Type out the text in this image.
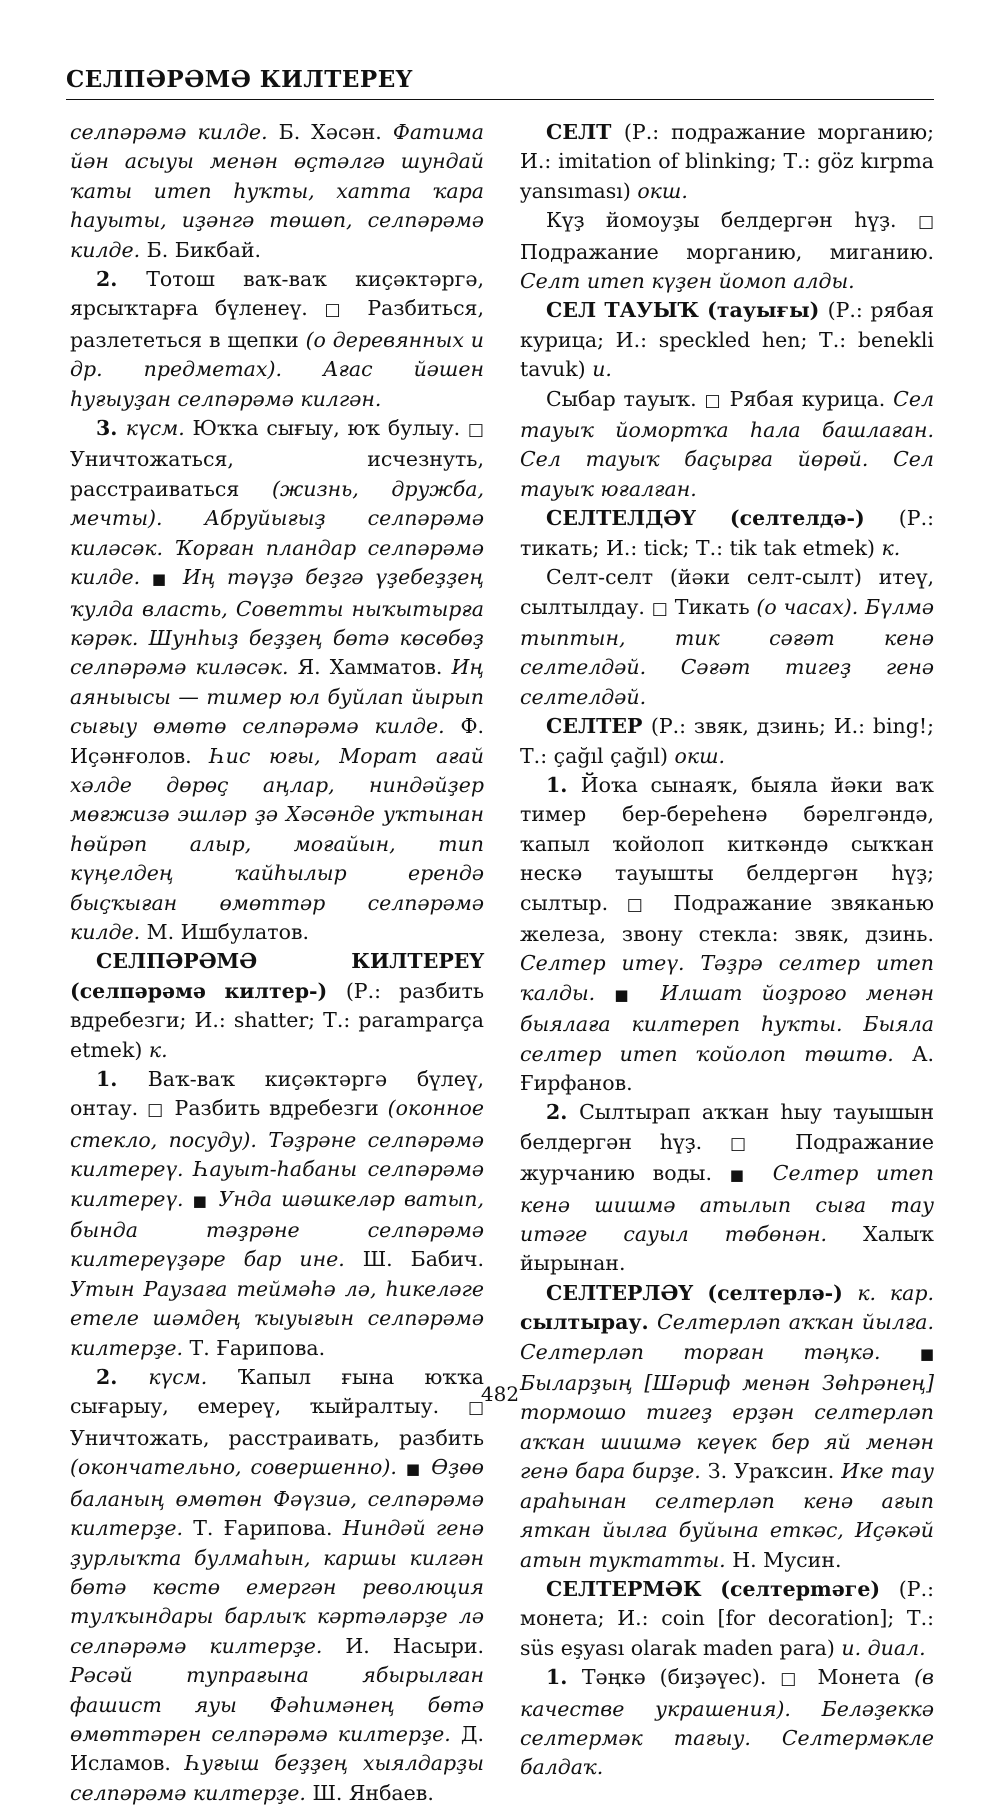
СЕЛПӘРӘМӘ КИЛТЕРЕҮ

селпәрәмә килде. Б. Хәсән. Фатима йән асыуы менән өҫтәлгә шундай ҡаты итеп һуҡты, хатта ҡара һауыты, иҙәнгә төшөп, селпәрәмә килде. Б. Бикбай.

2. Тотош ваҡ-ваҡ киҫәктәргә, ярсыҡтарға бүленеү. □ Разбиться, разлететься в щепки (о деревянных и др. предметах). Ағас йәшен һуғыуҙан селпәрәмә килгән.

3. күсм. Юҡҡа сығыу, юҡ булыу. □ Уничтожаться, исчезнуть, расстраиваться (жизнь, дружба, мечты). Абруйығыҙ селпәрәмә киләсәк. Ҡорған пландар селпәрәмә килде. ■ Иң тәүҙә беҙгә үҙебеҙҙең ҡулда власть, Советты ныҡытырға кәрәк. Шунһыҙ беҙҙең бөтә көсөбөҙ селпәрәмә киләсәк. Я. Хамматов. Иң аяныысы — тимер юл буйлап йырып сығыу өмөтө селпәрәмә килде. Ф. Иҫәнғолов. Һис юғы, Морат ағай хәлде дөрөҫ аңлар, ниндәйҙер мөғжизә эшләр ҙә Хәсәнде уҡтынан һөйрәп алыр, моғайын, тип күңелдең ҡайһылыр ерендә быҫҡыған өмөттәр селпәрәмә килде. М. Ишбулатов.

СЕЛПӘРӘМӘ КИЛТЕРЕҮ (селпәрәмә килтер-) (Р.: разбить вдребезги; И.: shatter; Т.: paramparça etmek) к.

1. Ваҡ-ваҡ киҫәктәргә бүлеү, онтау. □ Разбить вдребезги (оконное стекло, посуду). Тәҙрәне селпәрәмә килтереү. Һауыт-һабаны селпәрәмә килтереү. ■ Унда шәшкеләр ватып, бында тәҙрәне селпәрәмә килтереүҙәре бар ине. Ш. Бабич. Утын Раузаға теймәһә лә, һикеләге етеле шәмдең ҡыуығын селпәрәмә килтерҙе. Т. Ғарипова.

2. күсм. Ҡапыл ғына юҡҡа сығарыу, емереү, ҡыйралтыу. □ Уничтожать, расстраивать, разбить (окончательно, совершенно). ■ Өҙөө баланың өмөтөн Фәүзиә, селпәрәмә килтерҙе. Т. Ғарипова. Ниндәй генә ҙурлыҡта булмаһын, каршы килгән бөтә көстө емергән революция тулҡындары барлыҡ кәртәләрҙе лә селпәрәмә килтерҙе. И. Насыри. Рәсәй тупрағына ябырылған фашист яуы Фәһимәнең бөтә өмөттәрен селпәрәмә килтерҙе. Д. Исламов. Һуғыш беҙҙең хыялдарҙы селпәрәмә килтерҙе. Ш. Янбаев.

СЕЛТ (Р.: подражание морганию; И.: imitation of blinking; Т.: göz kırpma yansıması) окш.

Күҙ йомоуҙы белдергән һүҙ. □ Подражание морганию, миганию. Селт итеп күҙен йомоп алды.

СЕЛ ТАУЫҠ (тауығы) (Р.: рябая курица; И.: speckled hen; Т.: benekli tavuk) и.

Сыбар тауыҡ. □ Рябая курица. Сел тауыҡ йомортҡа һала башлаған. Сел тауыҡ баҫырға йөрөй. Сел тауыҡ юғалған.

СЕЛТЕЛДӘҮ (селтелдә-) (Р.: тикать; И.: tick; Т.: tik tak etmek) к.

Селт-селт (йәки селт-сылт) итеү, сылтылдау. □ Тикать (о часах). Бүлмә тыптын, тик сәғәт кенә селтелдәй. Сәғәт тигеҙ генә селтелдәй.

СЕЛТЕР (Р.: звяк, дзинь; И.: bing!; Т.: çağıl çağıl) окш.

1. Йоҡа сынаяҡ, быяла йәки ваҡ тимер бер-береһенә бәрелгәндә, ҡапыл ҡойолоп киткәндә сыҡҡан нескә тауышты белдергән һүҙ; сылтыр. □ Подражание звяканью железа, звону стекла: звяк, дзинь. Селтер итеү. Тәҙрә селтер итеп ҡалды. ■ Илшат йоҙроғо менән быялаға килтереп һуҡты. Быяла селтер итеп ҡойолоп төштө. А. Ғирфанов.

2. Сылтырап аҡҡан һыу тауышын белдергән һүҙ. □ Подражание журчанию воды. ■ Селтер итеп кенә шишмә атылып сыға тау итәге сауыл төбөнән. Халыҡ йырынан.

СЕЛТЕРЛӘҮ (селтерлә-) к. кар. сылтырау. Селтерләп аҡҡан йылға. Селтерләп торған тәңкә. ■ Быларҙың [Шәриф менән Зөһрәнең] тормошо тигеҙ ерҙән селтерләп аҡҡан шишмә кеүек бер яй менән генә бара бирҙе. З. Ураҡсин. Ике тау араһынан селтерләп кенә ағып яткан йылға буйына еткәс, Иҫәкәй атын туктатты. Н. Мусин.

СЕЛТЕРМӘК (селтерməге) (Р.: монета; И.: coin [for decoration]; Т.: süs eşyası olarak maden para) и. диал.

1. Тәңкә (биҙәүес). □ Монета (в качестве украшения). Беләҙеккә селтермәк тағыу. Селтермәкле балдаҡ.

482
